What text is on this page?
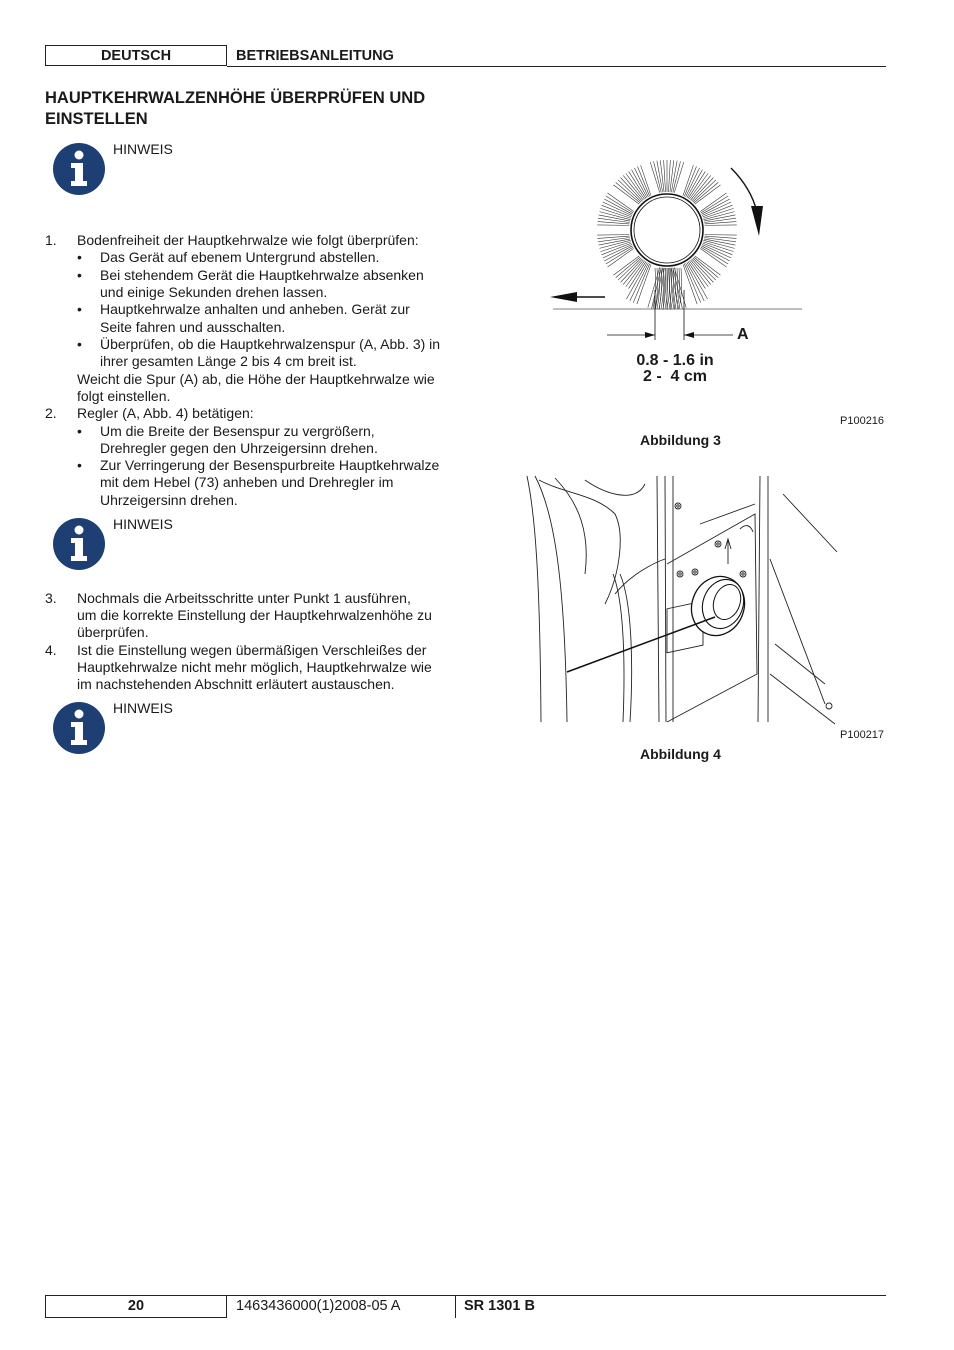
DEUTSCH	BETRIEBSANLEITUNG
HAUPTKEHRWALZENHÖHE ÜBERPRÜFEN UND EINSTELLEN
HINWEIS
1. Bodenfreiheit der Hauptkehrwalze wie folgt überprüfen:
• Das Gerät auf ebenem Untergrund abstellen.
• Bei stehendem Gerät die Hauptkehrwalze absenken
und einige Sekunden drehen lassen.
• Hauptkehrwalze anhalten und anheben. Gerät zur
Seite fahren und ausschalten.
• Überprüfen, ob die Hauptkehrwalzenspur (A, Abb. 3) in
ihrer gesamten Länge 2 bis 4 cm breit ist.
Weicht die Spur (A) ab, die Höhe der Hauptkehrwalze wie
folgt einstellen.
2. Regler (A, Abb. 4) betätigen:
• Um die Breite der Besenspur zu vergrößern,
Drehregler gegen den Uhrzeigersinn drehen.
• Zur Verringerung der Besenspurbreite Hauptkehrwalze
mit dem Hebel (73) anheben und Drehregler im
Uhrzeigersinn drehen.
HINWEIS
3. Nochmals die Arbeitsschritte unter Punkt 1 ausführen,
um die korrekte Einstellung der Hauptkehrwalzenhöhe zu
überprüfen.
4. Ist die Einstellung wegen übermäßigen Verschleißes der
Hauptkehrwalze nicht mehr möglich, Hauptkehrwalze wie
im nachstehenden Abschnitt erläutert austauschen.
HINWEIS
A
0.8 - 1.6 in
2 -  4 cm
P100216
Abbildung 3
P100217
Abbildung 4
20	1463436000(1)2008-05 A	SR 1301 B
